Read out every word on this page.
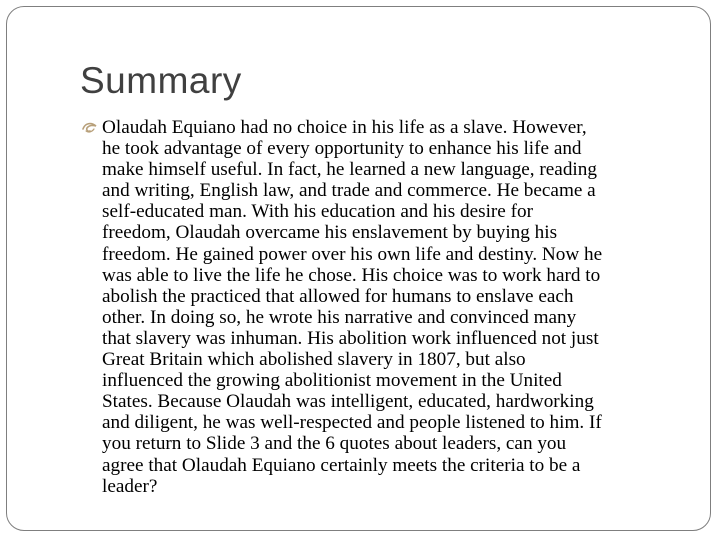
Summary
Olaudah Equiano had no choice in his life as a slave. However,
he took advantage of every opportunity to enhance his life and
make himself useful. In fact, he learned a new language, reading
and writing, English law, and trade and commerce. He became a
self-educated man. With his education and his desire for
freedom, Olaudah overcame his enslavement by buying his
freedom. He gained power over his own life and destiny. Now he
was able to live the life he chose. His choice was to work hard to
abolish the practiced that allowed for humans to enslave each
other. In doing so, he wrote his narrative and convinced many
that slavery was inhuman. His abolition work influenced not just
Great Britain which abolished slavery in 1807, but also
influenced the growing abolitionist movement in the United
States. Because Olaudah was intelligent, educated, hardworking
and diligent, he was well-respected and people listened to him. If
you return to Slide 3 and the 6 quotes about leaders, can you
agree that Olaudah Equiano certainly meets the criteria to be a
leader?
